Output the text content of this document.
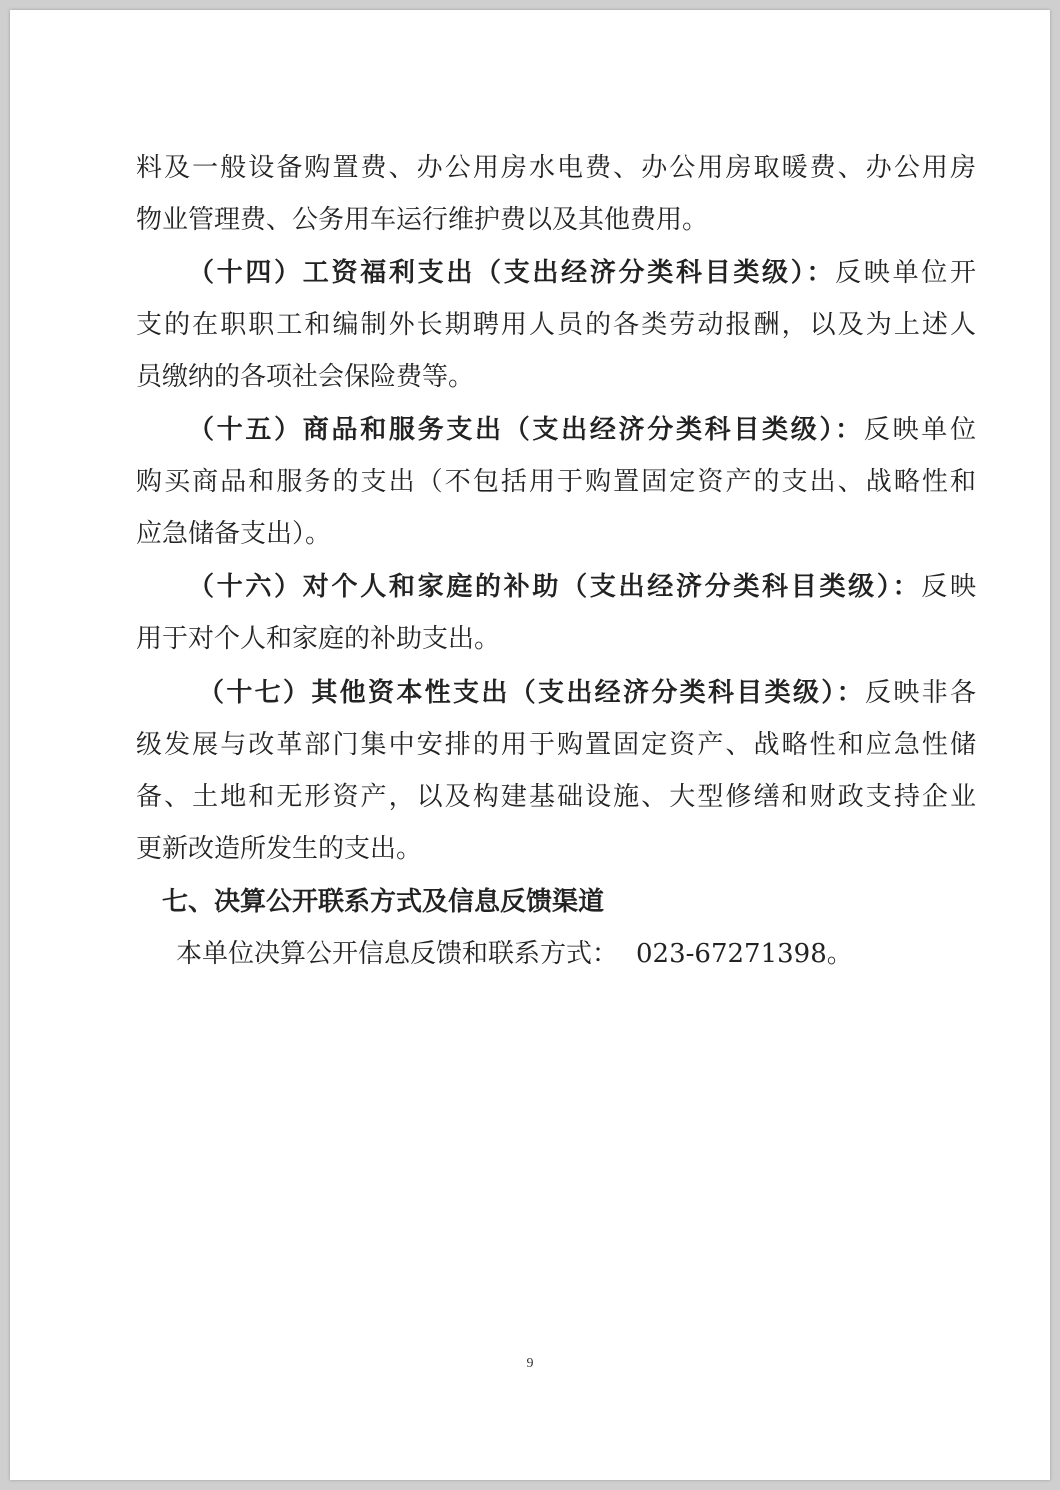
料及一般设备购置费、办公用房水电费、办公用房取暖费、办公用房
物业管理费、公务用车运行维护费以及其他费用。
（十四）工资福利支出（支出经济分类科目类级）：反映单位开
支的在职职工和编制外长期聘用人员的各类劳动报酬，以及为上述人
员缴纳的各项社会保险费等。
（十五）商品和服务支出（支出经济分类科目类级）：反映单位
购买商品和服务的支出（不包括用于购置固定资产的支出、战略性和
应急储备支出）。
（十六）对个人和家庭的补助（支出经济分类科目类级）：反映
用于对个人和家庭的补助支出。
（十七）其他资本性支出（支出经济分类科目类级）：反映非各
级发展与改革部门集中安排的用于购置固定资产、战略性和应急性储
备、土地和无形资产，以及构建基础设施、大型修缮和财政支持企业
更新改造所发生的支出。
七、决算公开联系方式及信息反馈渠道
本单位决算公开信息反馈和联系方式： 023-67271398。
9
